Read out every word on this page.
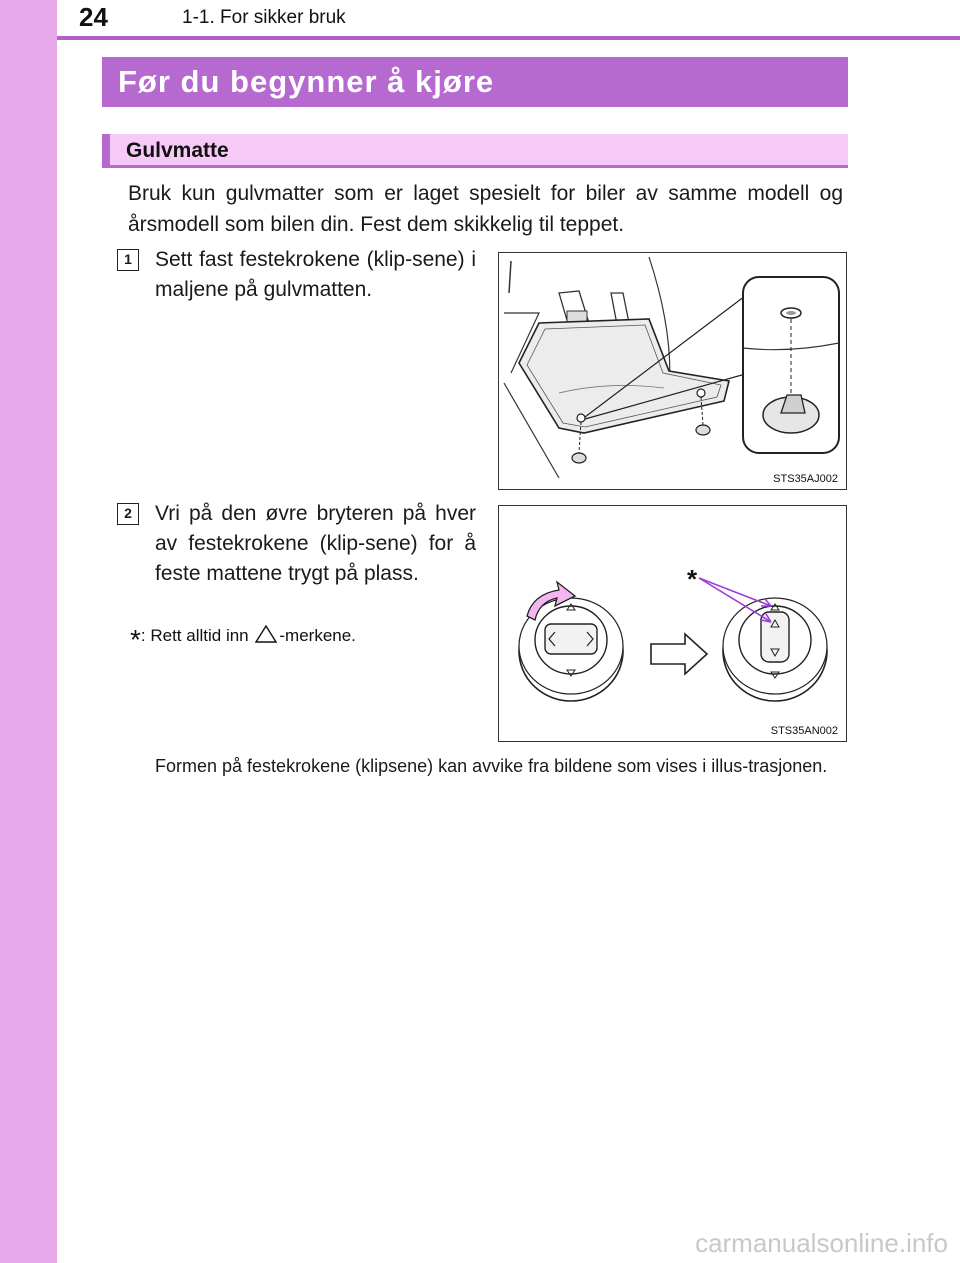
24	1-1. For sikker bruk
Før du begynner å kjøre
Gulvmatte
Bruk kun gulvmatter som er laget spesielt for biler av samme modell og årsmodell som bilen din. Fest dem skikkelig til teppet.
1	Sett fast festekrokene (klip-sene) i maljene på gulvmatten.
STS35AJ002
2	Vri på den øvre bryteren på hver av festekrokene (klip-sene) for å feste mattene trygt på plass.
*: Rett alltid inn -merkene.
*
STS35AN002
Formen på festekrokene (klipsene) kan avvike fra bildene som vises i illus-trasjonen.
carmanualsonline.info
